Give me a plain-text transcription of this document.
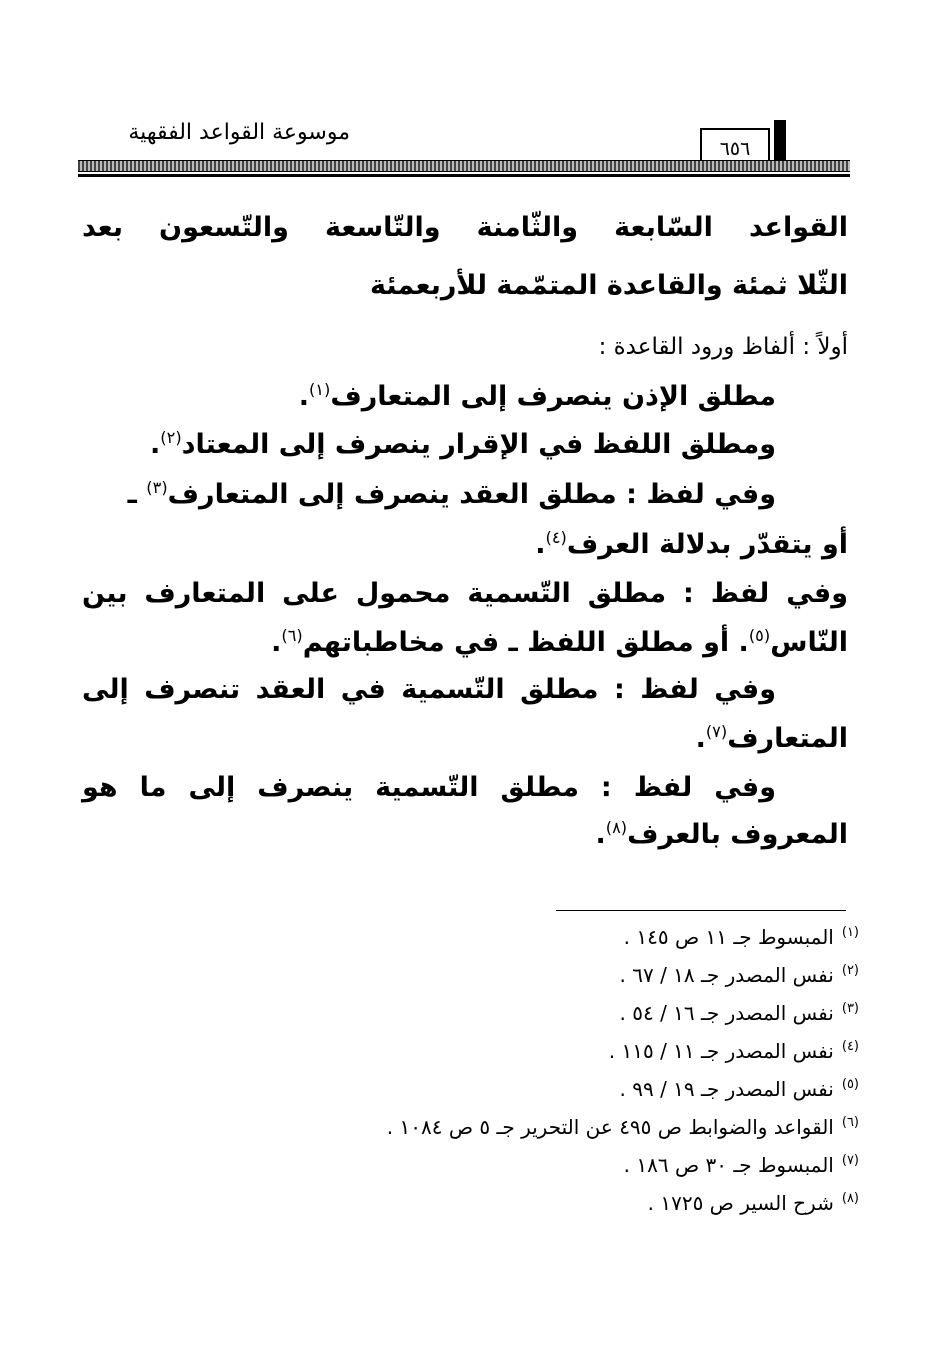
موسوعة القواعد الفقهية
٦٥٦
القواعد السّابعة والثّامنة والتّاسعة والتّسعون بعد
الثّلا ثمئة والقاعدة المتمّمة للأربعمئة
أولاً : ألفاظ ورود القاعدة :
مطلق الإذن ينصرف إلى المتعارف$^{(١)}$.
ومطلق اللفظ في الإقرار ينصرف إلى المعتاد$^{(٢)}$.
وفي لفظ : مطلق العقد ينصرف إلى المتعارف$^{(٣)}$ ـ
أو يتقدّر بدلالة العرف$^{(٤)}$.
وفي لفظ : مطلق التّسمية محمول على المتعارف بين
النّاس$^{(٥)}$. أو مطلق اللفظ ـ في مخاطباتهم$^{(٦)}$.
وفي لفظ : مطلق التّسمية في العقد تنصرف إلى
المتعارف$^{(٧)}$.
وفي لفظ : مطلق التّسمية ينصرف إلى ما هو
المعروف بالعرف$^{(٨)}$.
$^{(١)}$المبسوط جـ ١١ ص ١٤٥ .
$^{(٢)}$نفس المصدر جـ ١٨ / ٦٧ .
$^{(٣)}$نفس المصدر جـ ١٦ / ٥٤ .
$^{(٤)}$نفس المصدر جـ ١١ / ١١٥ .
$^{(٥)}$نفس المصدر جـ ١٩ / ٩٩ .
$^{(٦)}$القواعد والضوابط ص ٤٩٥ عن التحرير جـ ٥ ص ١٠٨٤ .
$^{(٧)}$المبسوط جـ ٣٠ ص ١٨٦ .
$^{(٨)}$شرح السير ص ١٧٢٥ .
